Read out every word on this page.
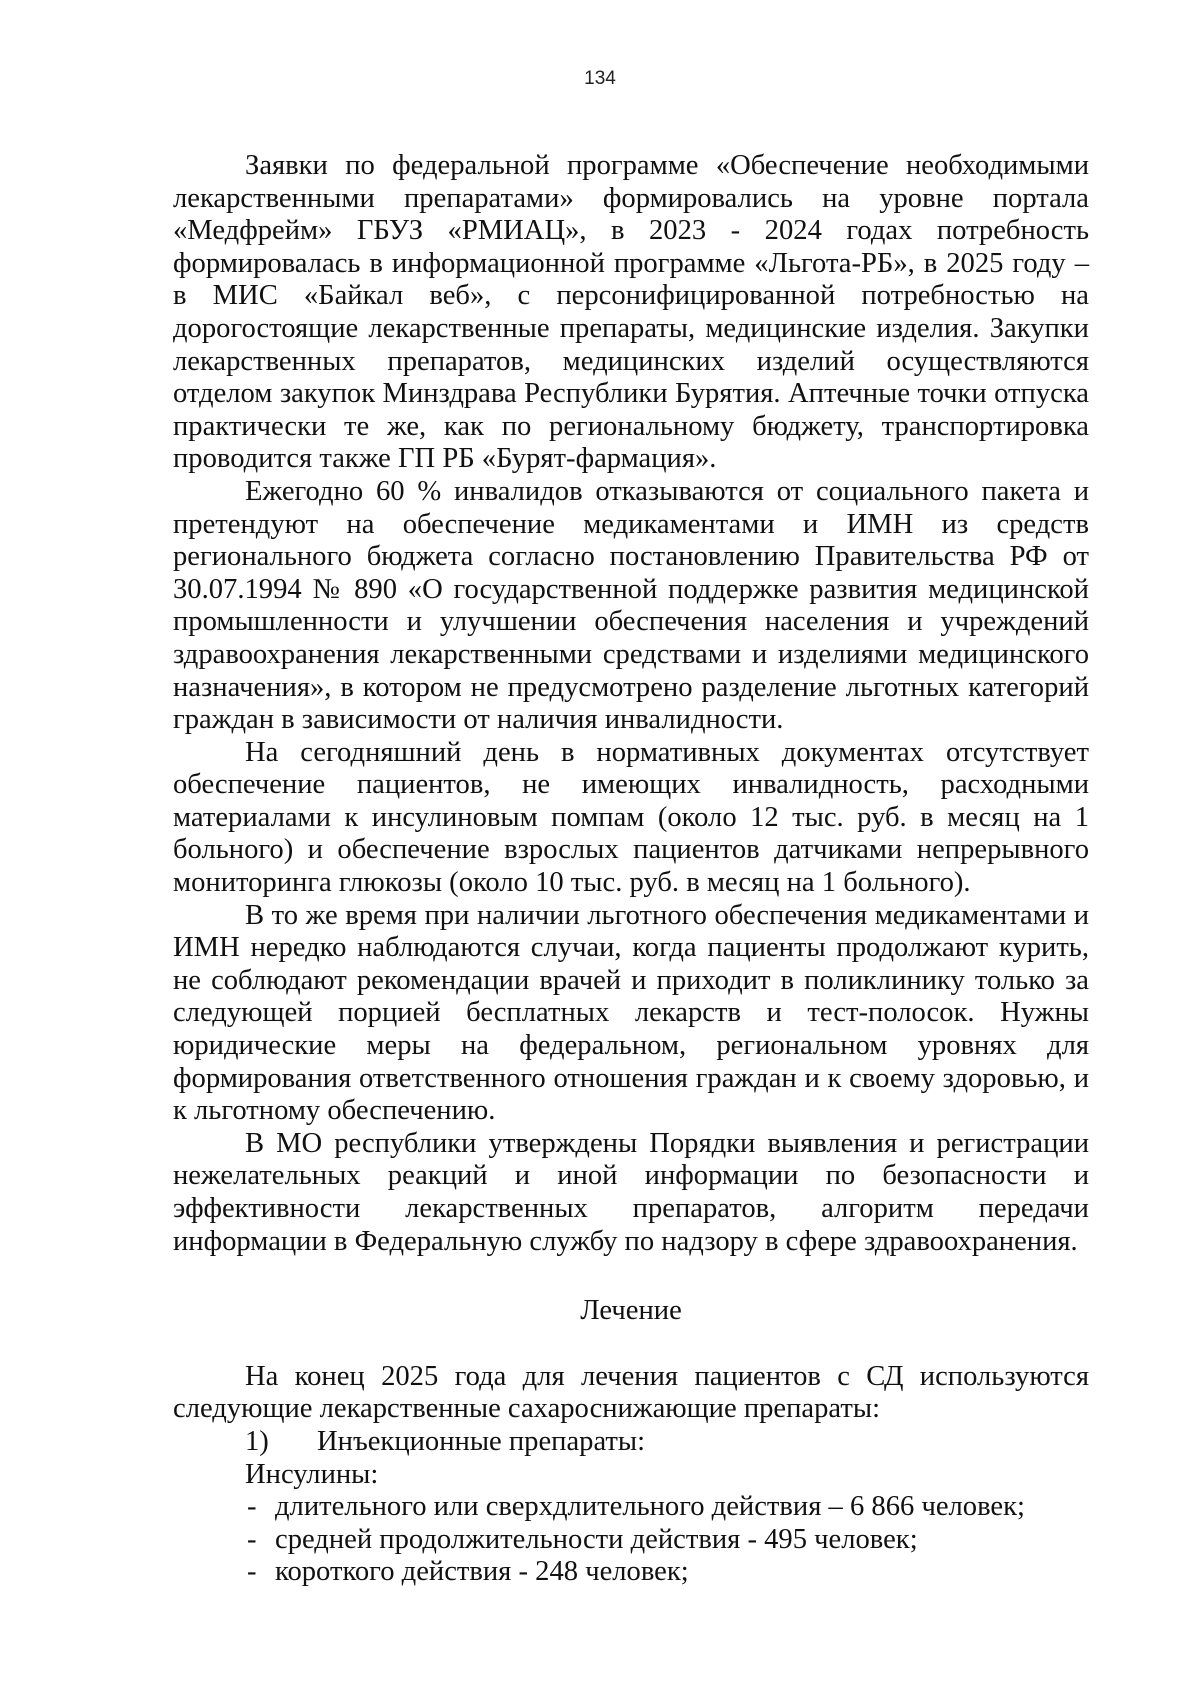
134

Заявки по федеральной программе «Обеспечение необходимыми лекарственными препаратами» формировались на уровне портала «Медфрейм» ГБУЗ «РМИАЦ», в 2023 - 2024 годах потребность формировалась в информационной программе «Льгота-РБ», в 2025 году – в МИС «Байкал веб», с персонифицированной потребностью на дорогостоящие лекарственные препараты, медицинские изделия. Закупки лекарственных препаратов, медицинских изделий осуществляются отделом закупок Минздрава Республики Бурятия. Аптечные точки отпуска практически те же, как по региональному бюджету, транспортировка проводится также ГП РБ «Бурят-фармация».

Ежегодно 60 % инвалидов отказываются от социального пакета и претендуют на обеспечение медикаментами и ИМН из средств регионального бюджета согласно постановлению Правительства РФ от 30.07.1994 № 890 «О государственной поддержке развития медицинской промышленности и улучшении обеспечения населения и учреждений здравоохранения лекарственными средствами и изделиями медицинского назначения», в котором не предусмотрено разделение льготных категорий граждан в зависимости от наличия инвалидности.

На сегодняшний день в нормативных документах отсутствует обеспечение пациентов, не имеющих инвалидность, расходными материалами к инсулиновым помпам (около 12 тыс. руб. в месяц на 1 больного) и обеспечение взрослых пациентов датчиками непрерывного мониторинга глюкозы (около 10 тыс. руб. в месяц на 1 больного).

В то же время при наличии льготного обеспечения медикаментами и ИМН нередко наблюдаются случаи, когда пациенты продолжают курить, не соблюдают рекомендации врачей и приходит в поликлинику только за следующей порцией бесплатных лекарств и тест-полосок. Нужны юридические меры на федеральном, региональном уровнях для формирования ответственного отношения граждан и к своему здоровью, и к льготному обеспечению.

В МО республики утверждены Порядки выявления и регистрации нежелательных реакций и иной информации по безопасности и эффективности лекарственных препаратов, алгоритм передачи информации в Федеральную службу по надзору в сфере здравоохранения.

Лечение

На конец 2025 года для лечения пациентов с СД используются следующие лекарственные сахароснижающие препараты:

1) Инъекционные препараты:

Инсулины:

- длительного или сверхдлительного действия – 6 866 человек;

- средней продолжительности действия - 495 человек;

- короткого действия - 248 человек;
